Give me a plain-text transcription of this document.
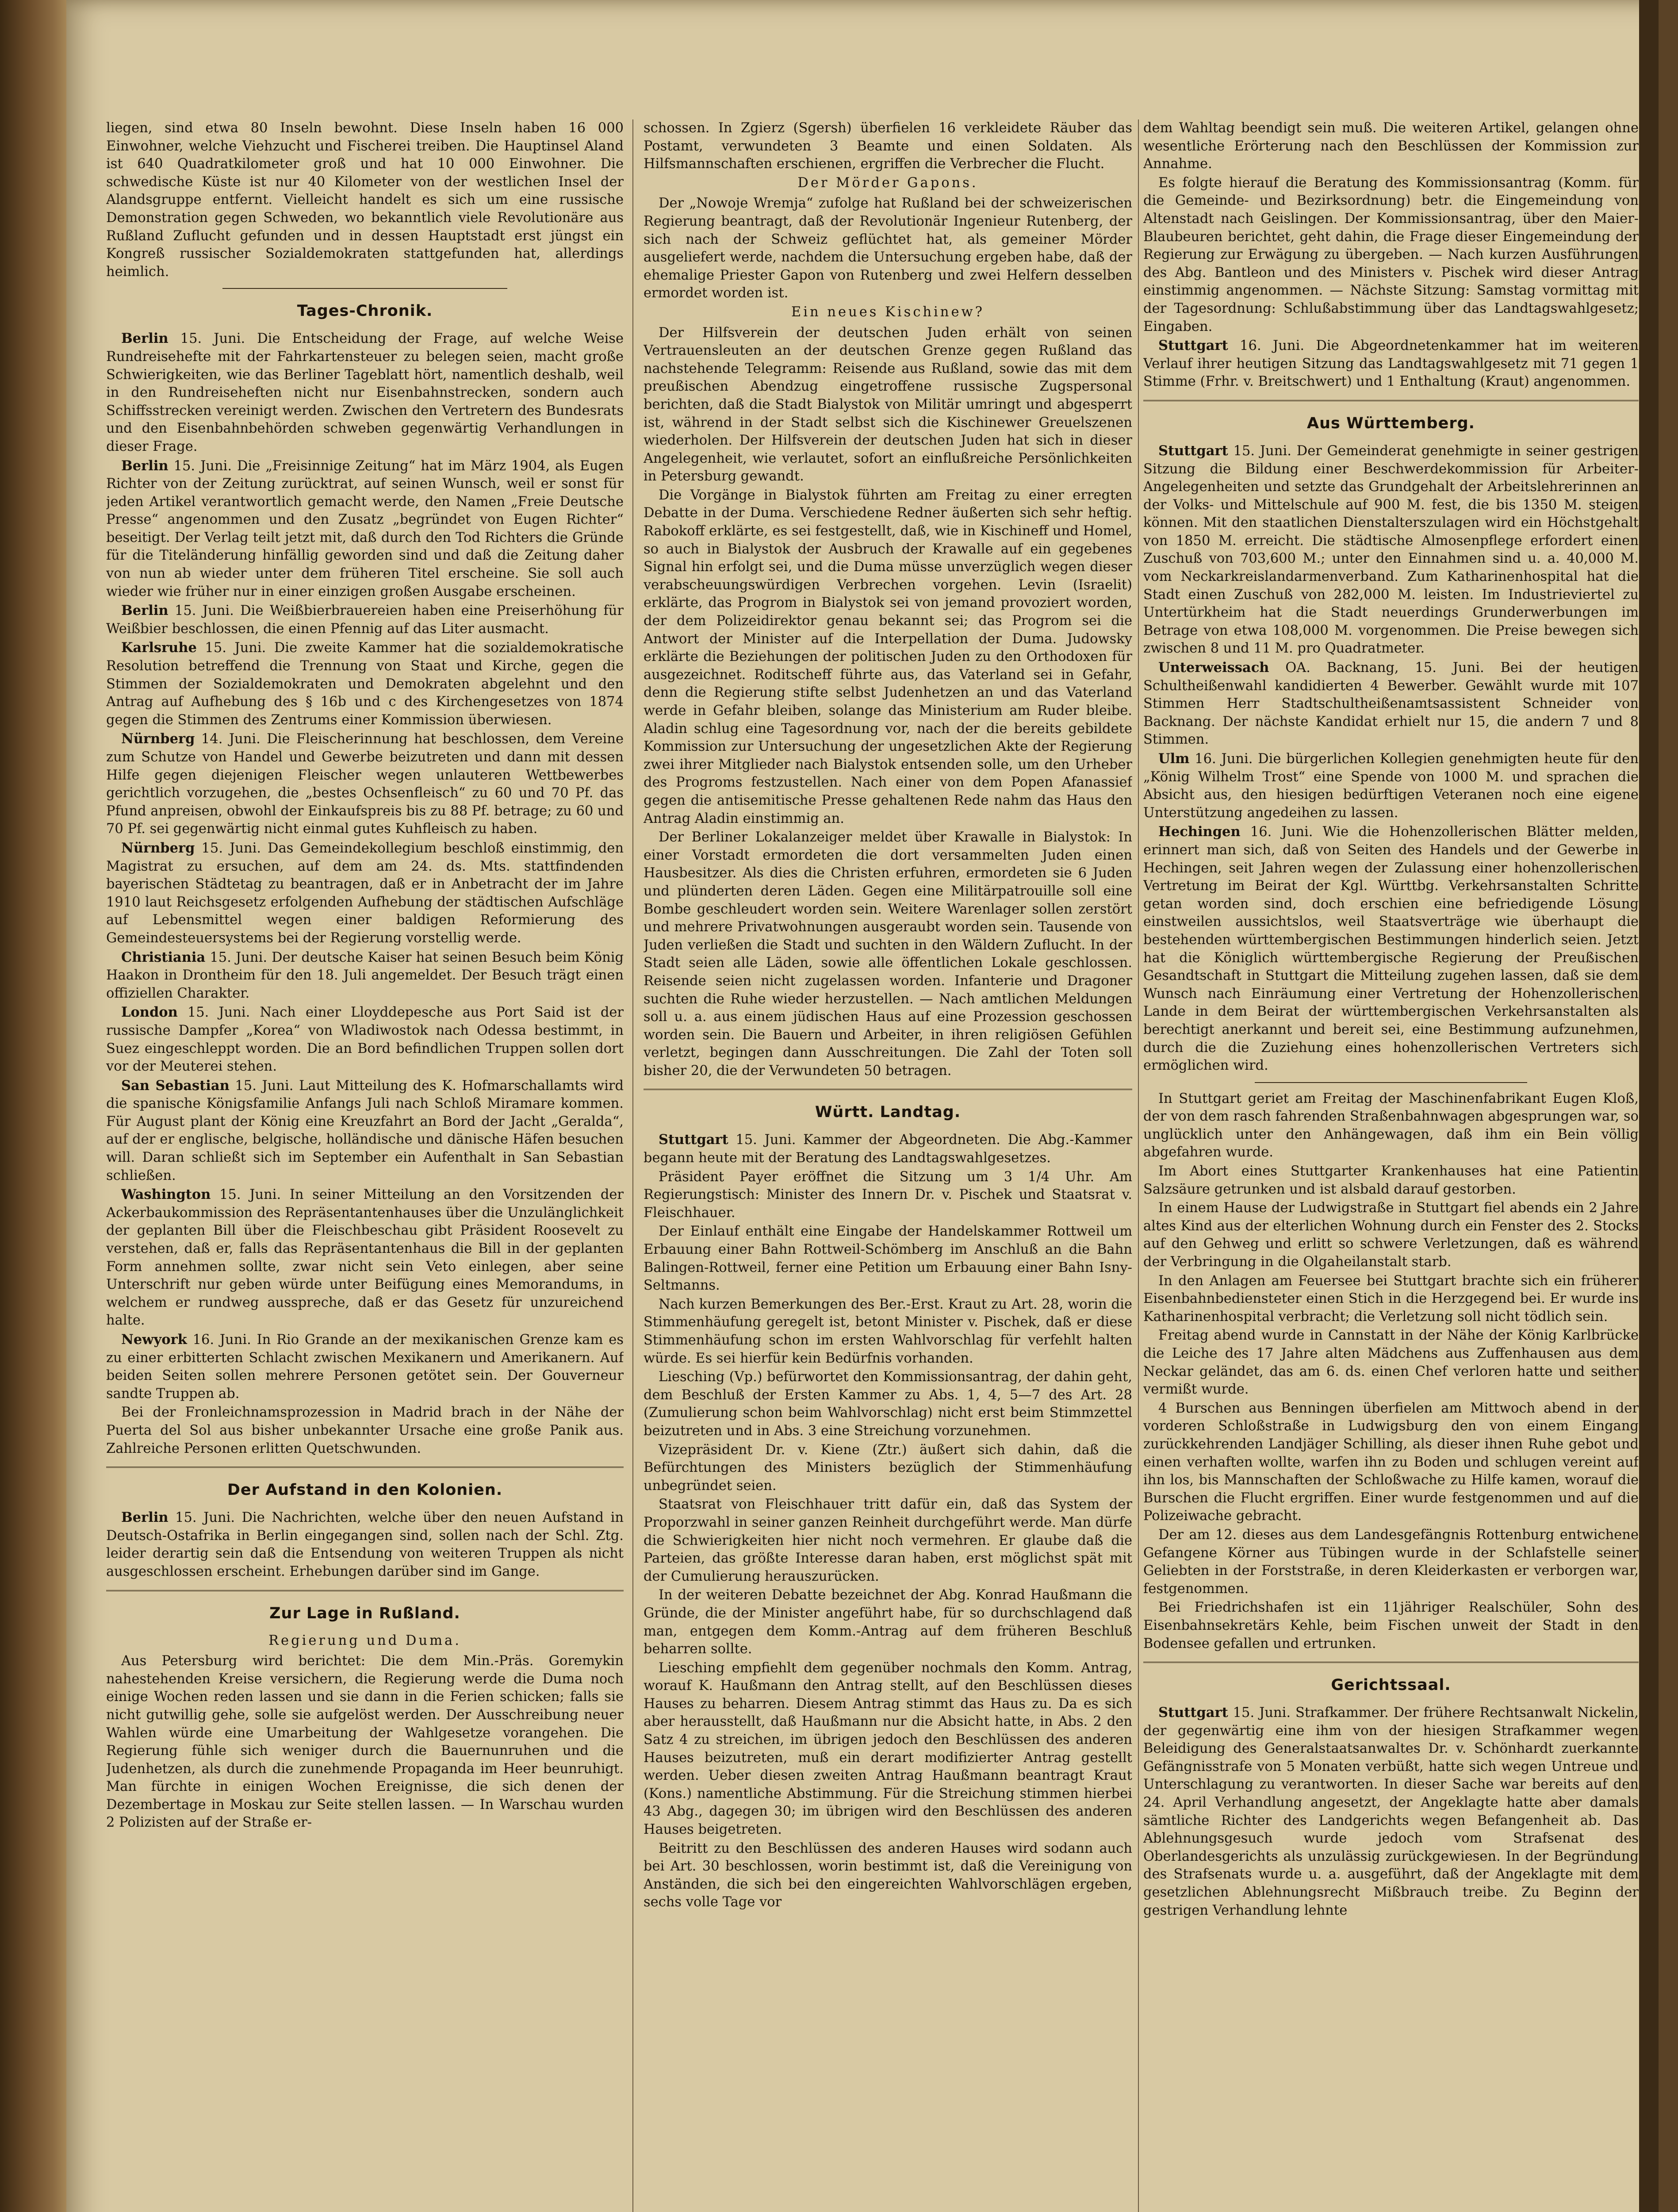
liegen, sind etwa 80 Inseln bewohnt. Diese Inseln haben 16 000 Einwohner, welche Viehzucht und Fischerei treiben. Die Hauptinsel Aland ist 640 Quadratkilometer groß und hat 10 000 Einwohner. Die schwedische Küste ist nur 40 Kilometer von der westlichen Insel der Alandsgruppe entfernt. Vielleicht handelt es sich um eine russische Demonstration gegen Schweden, wo bekanntlich viele Revolutionäre aus Rußland Zuflucht gefunden und in dessen Hauptstadt erst jüngst ein Kongreß russischer Sozialdemokraten stattgefunden hat, allerdings heimlich.

Tages-Chronik.

Berlin 15. Juni. Die Entscheidung der Frage, auf welche Weise Rundreisehefte mit der Fahrkartensteuer zu belegen seien, macht große Schwierigkeiten, wie das Berliner Tageblatt hört, namentlich deshalb, weil in den Rundreiseheften nicht nur Eisenbahnstrecken, sondern auch Schiffsstrecken vereinigt werden. Zwischen den Vertretern des Bundesrats und den Eisenbahnbehörden schweben gegenwärtig Verhandlungen in dieser Frage.

Berlin 15. Juni. Die „Freisinnige Zeitung“ hat im März 1904, als Eugen Richter von der Zeitung zurücktrat, auf seinen Wunsch, weil er sonst für jeden Artikel verantwortlich gemacht werde, den Namen „Freie Deutsche Presse“ angenommen und den Zusatz „begründet von Eugen Richter“ beseitigt. Der Verlag teilt jetzt mit, daß durch den Tod Richters die Gründe für die Titeländerung hinfällig geworden sind und daß die Zeitung daher von nun ab wieder unter dem früheren Titel erscheine. Sie soll auch wieder wie früher nur in einer einzigen großen Ausgabe erscheinen.

Berlin 15. Juni. Die Weißbierbrauereien haben eine Preiserhöhung für Weißbier beschlossen, die einen Pfennig auf das Liter ausmacht.

Karlsruhe 15. Juni. Die zweite Kammer hat die sozialdemokratische Resolution betreffend die Trennung von Staat und Kirche, gegen die Stimmen der Sozialdemokraten und Demokraten abgelehnt und den Antrag auf Aufhebung des § 16b und c des Kirchengesetzes von 1874 gegen die Stimmen des Zentrums einer Kommission überwiesen.

Nürnberg 14. Juni. Die Fleischerinnung hat beschlossen, dem Vereine zum Schutze von Handel und Gewerbe beizutreten und dann mit dessen Hilfe gegen diejenigen Fleischer wegen unlauteren Wettbewerbes gerichtlich vorzugehen, die „bestes Ochsenfleisch“ zu 60 und 70 Pf. das Pfund anpreisen, obwohl der Einkaufspreis bis zu 88 Pf. betrage; zu 60 und 70 Pf. sei gegenwärtig nicht einmal gutes Kuhfleisch zu haben.

Nürnberg 15. Juni. Das Gemeindekollegium beschloß einstimmig, den Magistrat zu ersuchen, auf dem am 24. ds. Mts. stattfindenden bayerischen Städtetag zu beantragen, daß er in Anbetracht der im Jahre 1910 laut Reichsgesetz erfolgenden Aufhebung der städtischen Aufschläge auf Lebensmittel wegen einer baldigen Reformierung des Gemeindesteuersystems bei der Regierung vorstellig werde.

Christiania 15. Juni. Der deutsche Kaiser hat seinen Besuch beim König Haakon in Drontheim für den 18. Juli angemeldet. Der Besuch trägt einen offiziellen Charakter.

London 15. Juni. Nach einer Lloyddepesche aus Port Said ist der russische Dampfer „Korea“ von Wladiwostok nach Odessa bestimmt, in Suez eingeschleppt worden. Die an Bord befindlichen Truppen sollen dort vor der Meuterei stehen.

San Sebastian 15. Juni. Laut Mitteilung des K. Hofmarschallamts wird die spanische Königsfamilie Anfangs Juli nach Schloß Miramare kommen. Für August plant der König eine Kreuzfahrt an Bord der Jacht „Geralda“, auf der er englische, belgische, holländische und dänische Häfen besuchen will. Daran schließt sich im September ein Aufenthalt in San Sebastian schließen.

Washington 15. Juni. In seiner Mitteilung an den Vorsitzenden der Ackerbaukommission des Repräsentantenhauses über die Unzulänglichkeit der geplanten Bill über die Fleischbeschau gibt Präsident Roosevelt zu verstehen, daß er, falls das Repräsentantenhaus die Bill in der geplanten Form annehmen sollte, zwar nicht sein Veto einlegen, aber seine Unterschrift nur geben würde unter Beifügung eines Memorandums, in welchem er rundweg ausspreche, daß er das Gesetz für unzureichend halte.

Newyork 16. Juni. In Rio Grande an der mexikanischen Grenze kam es zu einer erbitterten Schlacht zwischen Mexikanern und Amerikanern. Auf beiden Seiten sollen mehrere Personen getötet sein. Der Gouverneur sandte Truppen ab.

Bei der Fronleichnamsprozession in Madrid brach in der Nähe der Puerta del Sol aus bisher unbekannter Ursache eine große Panik aus. Zahlreiche Personen erlitten Quetschwunden.

Der Aufstand in den Kolonien.

Berlin 15. Juni. Die Nachrichten, welche über den neuen Aufstand in Deutsch-Ostafrika in Berlin eingegangen sind, sollen nach der Schl. Ztg. leider derartig sein daß die Entsendung von weiteren Truppen als nicht ausgeschlossen erscheint. Erhebungen darüber sind im Gange.

Zur Lage in Rußland.
Regierung und Duma.

Aus Petersburg wird berichtet: Die dem Min.-Präs. Goremykin nahestehenden Kreise versichern, die Regierung werde die Duma noch einige Wochen reden lassen und sie dann in die Ferien schicken; falls sie nicht gutwillig gehe, solle sie aufgelöst werden. Der Ausschreibung neuer Wahlen würde eine Umarbeitung der Wahlgesetze vorangehen. Die Regierung fühle sich weniger durch die Bauernunruhen und die Judenhetzen, als durch die zunehmende Propaganda im Heer beunruhigt. Man fürchte in einigen Wochen Ereignisse, die sich denen der Dezembertage in Moskau zur Seite stellen lassen. — In Warschau wurden 2 Polizisten auf der Straße er-

schossen. In Zgierz (Sgersh) überfielen 16 verkleidete Räuber das Postamt, verwundeten 3 Beamte und einen Soldaten. Als Hilfsmannschaften erschienen, ergriffen die Verbrecher die Flucht.

Der Mörder Gapons.

Der „Nowoje Wremja“ zufolge hat Rußland bei der schweizerischen Regierung beantragt, daß der Revolutionär Ingenieur Rutenberg, der sich nach der Schweiz geflüchtet hat, als gemeiner Mörder ausgeliefert werde, nachdem die Untersuchung ergeben habe, daß der ehemalige Priester Gapon von Rutenberg und zwei Helfern desselben ermordet worden ist.

Ein neues Kischinew?

Der Hilfsverein der deutschen Juden erhält von seinen Vertrauensleuten an der deutschen Grenze gegen Rußland das nachstehende Telegramm: Reisende aus Rußland, sowie das mit dem preußischen Abendzug eingetroffene russische Zugspersonal berichten, daß die Stadt Bialystok von Militär umringt und abgesperrt ist, während in der Stadt selbst sich die Kischinewer Greuelszenen wiederholen. Der Hilfsverein der deutschen Juden hat sich in dieser Angelegenheit, wie verlautet, sofort an einflußreiche Persönlichkeiten in Petersburg gewandt.

Die Vorgänge in Bialystok führten am Freitag zu einer erregten Debatte in der Duma. Verschiedene Redner äußerten sich sehr heftig. Rabokoff erklärte, es sei festgestellt, daß, wie in Kischineff und Homel, so auch in Bialystok der Ausbruch der Krawalle auf ein gegebenes Signal hin erfolgt sei, und die Duma müsse unverzüglich wegen dieser verabscheuungswürdigen Verbrechen vorgehen. Levin (Israelit) erklärte, das Progrom in Bialystok sei von jemand provoziert worden, der dem Polizeidirektor genau bekannt sei; das Progrom sei die Antwort der Minister auf die Interpellation der Duma. Judowsky erklärte die Beziehungen der politischen Juden zu den Orthodoxen für ausgezeichnet. Roditscheff führte aus, das Vaterland sei in Gefahr, denn die Regierung stifte selbst Judenhetzen an und das Vaterland werde in Gefahr bleiben, solange das Ministerium am Ruder bleibe. Aladin schlug eine Tagesordnung vor, nach der die bereits gebildete Kommission zur Untersuchung der ungesetzlichen Akte der Regierung zwei ihrer Mitglieder nach Bialystok entsenden solle, um den Urheber des Progroms festzustellen. Nach einer von dem Popen Afanassief gegen die antisemitische Presse gehaltenen Rede nahm das Haus den Antrag Aladin einstimmig an.

Der Berliner Lokalanzeiger meldet über Krawalle in Bialystok: In einer Vorstadt ermordeten die dort versammelten Juden einen Hausbesitzer. Als dies die Christen erfuhren, ermordeten sie 6 Juden und plünderten deren Läden. Gegen eine Militärpatrouille soll eine Bombe geschleudert worden sein. Weitere Warenlager sollen zerstört und mehrere Privatwohnungen ausgeraubt worden sein. Tausende von Juden verließen die Stadt und suchten in den Wäldern Zuflucht. In der Stadt seien alle Läden, sowie alle öffentlichen Lokale geschlossen. Reisende seien nicht zugelassen worden. Infanterie und Dragoner suchten die Ruhe wieder herzustellen. — Nach amtlichen Meldungen soll u. a. aus einem jüdischen Haus auf eine Prozession geschossen worden sein. Die Bauern und Arbeiter, in ihren religiösen Gefühlen verletzt, begingen dann Ausschreitungen. Die Zahl der Toten soll bisher 20, die der Verwundeten 50 betragen.

Württ. Landtag.

Stuttgart 15. Juni. Kammer der Abgeordneten. Die Abg.-Kammer begann heute mit der Beratung des Landtagswahlgesetzes.

Präsident Payer eröffnet die Sitzung um 3 1/4 Uhr. Am Regierungstisch: Minister des Innern Dr. v. Pischek und Staatsrat v. Fleischhauer.

Der Einlauf enthält eine Eingabe der Handelskammer Rottweil um Erbauung einer Bahn Rottweil-Schömberg im Anschluß an die Bahn Balingen-Rottweil, ferner eine Petition um Erbauung einer Bahn Isny-Seltmanns.

Nach kurzen Bemerkungen des Ber.-Erst. Kraut zu Art. 28, worin die Stimmenhäufung geregelt ist, betont Minister v. Pischek, daß er diese Stimmenhäufung schon im ersten Wahlvorschlag für verfehlt halten würde. Es sei hierfür kein Bedürfnis vorhanden.

Liesching (Vp.) befürwortet den Kommissionsantrag, der dahin geht, dem Beschluß der Ersten Kammer zu Abs. 1, 4, 5—7 des Art. 28 (Zumulierung schon beim Wahlvorschlag) nicht erst beim Stimmzettel beizutreten und in Abs. 3 eine Streichung vorzunehmen.

Vizepräsident Dr. v. Kiene (Ztr.) äußert sich dahin, daß die Befürchtungen des Ministers bezüglich der Stimmenhäufung unbegründet seien.

Staatsrat von Fleischhauer tritt dafür ein, daß das System der Proporzwahl in seiner ganzen Reinheit durchgeführt werde. Man dürfe die Schwierigkeiten hier nicht noch vermehren. Er glaube daß die Parteien, das größte Interesse daran haben, erst möglichst spät mit der Cumulierung herauszurücken.

In der weiteren Debatte bezeichnet der Abg. Konrad Haußmann die Gründe, die der Minister angeführt habe, für so durchschlagend daß man, entgegen dem Komm.-Antrag auf dem früheren Beschluß beharren sollte.

Liesching empfiehlt dem gegenüber nochmals den Komm. Antrag, worauf K. Haußmann den Antrag stellt, auf den Beschlüssen dieses Hauses zu beharren. Diesem Antrag stimmt das Haus zu. Da es sich aber herausstellt, daß Haußmann nur die Absicht hatte, in Abs. 2 den Satz 4 zu streichen, im übrigen jedoch den Beschlüssen des anderen Hauses beizutreten, muß ein derart modifizierter Antrag gestellt werden. Ueber diesen zweiten Antrag Haußmann beantragt Kraut (Kons.) namentliche Abstimmung. Für die Streichung stimmen hierbei 43 Abg., dagegen 30; im übrigen wird den Beschlüssen des anderen Hauses beigetreten.

Beitritt zu den Beschlüssen des anderen Hauses wird sodann auch bei Art. 30 beschlossen, worin bestimmt ist, daß die Vereinigung von Anständen, die sich bei den eingereichten Wahlvorschlägen ergeben, sechs volle Tage vor

dem Wahltag beendigt sein muß. Die weiteren Artikel, gelangen ohne wesentliche Erörterung nach den Beschlüssen der Kommission zur Annahme.

Es folgte hierauf die Beratung des Kommissionsantrag (Komm. für die Gemeinde- und Bezirksordnung) betr. die Eingemeindung von Altenstadt nach Geislingen. Der Kommissionsantrag, über den Maier-Blaubeuren berichtet, geht dahin, die Frage dieser Eingemeindung der Regierung zur Erwägung zu übergeben. — Nach kurzen Ausführungen des Abg. Bantleon und des Ministers v. Pischek wird dieser Antrag einstimmig angenommen. — Nächste Sitzung: Samstag vormittag mit der Tagesordnung: Schlußabstimmung über das Landtagswahlgesetz; Eingaben.

Stuttgart 16. Juni. Die Abgeordnetenkammer hat im weiteren Verlauf ihrer heutigen Sitzung das Landtagswahlgesetz mit 71 gegen 1 Stimme (Frhr. v. Breitschwert) und 1 Enthaltung (Kraut) angenommen.

Aus Württemberg.

Stuttgart 15. Juni. Der Gemeinderat genehmigte in seiner gestrigen Sitzung die Bildung einer Beschwerdekommission für Arbeiter-Angelegenheiten und setzte das Grundgehalt der Arbeitslehrerinnen an der Volks- und Mittelschule auf 900 M. fest, die bis 1350 M. steigen können. Mit den staatlichen Dienstalterszulagen wird ein Höchstgehalt von 1850 M. erreicht. Die städtische Almosenpflege erfordert einen Zuschuß von 703,600 M.; unter den Einnahmen sind u. a. 40,000 M. vom Neckarkreislandarmenverband. Zum Katharinenhospital hat die Stadt einen Zuschuß von 282,000 M. leisten. Im Industrieviertel zu Untertürkheim hat die Stadt neuerdings Grunderwerbungen im Betrage von etwa 108,000 M. vorgenommen. Die Preise bewegen sich zwischen 8 und 11 M. pro Quadratmeter.

Unterweissach OA. Backnang, 15. Juni. Bei der heutigen Schultheißenwahl kandidierten 4 Bewerber. Gewählt wurde mit 107 Stimmen Herr Stadtschultheißenamtsassistent Schneider von Backnang. Der nächste Kandidat erhielt nur 15, die andern 7 und 8 Stimmen.

Ulm 16. Juni. Die bürgerlichen Kollegien genehmigten heute für den „König Wilhelm Trost“ eine Spende von 1000 M. und sprachen die Absicht aus, den hiesigen bedürftigen Veteranen noch eine eigene Unterstützung angedeihen zu lassen.

Hechingen 16. Juni. Wie die Hohenzollerischen Blätter melden, erinnert man sich, daß von Seiten des Handels und der Gewerbe in Hechingen, seit Jahren wegen der Zulassung einer hohenzollerischen Vertretung im Beirat der Kgl. Württbg. Verkehrsanstalten Schritte getan worden sind, doch erschien eine befriedigende Lösung einstweilen aussichtslos, weil Staatsverträge wie überhaupt die bestehenden württembergischen Bestimmungen hinderlich seien. Jetzt hat die Königlich württembergische Regierung der Preußischen Gesandtschaft in Stuttgart die Mitteilung zugehen lassen, daß sie dem Wunsch nach Einräumung einer Vertretung der Hohenzollerischen Lande in dem Beirat der württembergischen Verkehrsanstalten als berechtigt anerkannt und bereit sei, eine Bestimmung aufzunehmen, durch die die Zuziehung eines hohenzollerischen Vertreters sich ermöglichen wird.

In Stuttgart geriet am Freitag der Maschinenfabrikant Eugen Kloß, der von dem rasch fahrenden Straßenbahnwagen abgesprungen war, so unglücklich unter den Anhängewagen, daß ihm ein Bein völlig abgefahren wurde.

Im Abort eines Stuttgarter Krankenhauses hat eine Patientin Salzsäure getrunken und ist alsbald darauf gestorben.

In einem Hause der Ludwigstraße in Stuttgart fiel abends ein 2 Jahre altes Kind aus der elterlichen Wohnung durch ein Fenster des 2. Stocks auf den Gehweg und erlitt so schwere Verletzungen, daß es während der Verbringung in die Olgaheilanstalt starb.

In den Anlagen am Feuersee bei Stuttgart brachte sich ein früherer Eisenbahnbediensteter einen Stich in die Herzgegend bei. Er wurde ins Katharinenhospital verbracht; die Verletzung soll nicht tödlich sein.

Freitag abend wurde in Cannstatt in der Nähe der König Karlbrücke die Leiche des 17 Jahre alten Mädchens aus Zuffenhausen aus dem Neckar geländet, das am 6. ds. einen Chef verloren hatte und seither vermißt wurde.

4 Burschen aus Benningen überfielen am Mittwoch abend in der vorderen Schloßstraße in Ludwigsburg den von einem Eingang zurückkehrenden Landjäger Schilling, als dieser ihnen Ruhe gebot und einen verhaften wollte, warfen ihn zu Boden und schlugen vereint auf ihn los, bis Mannschaften der Schloßwache zu Hilfe kamen, worauf die Burschen die Flucht ergriffen. Einer wurde festgenommen und auf die Polizeiwache gebracht.

Der am 12. dieses aus dem Landesgefängnis Rottenburg entwichene Gefangene Körner aus Tübingen wurde in der Schlafstelle seiner Geliebten in der Forststraße, in deren Kleiderkasten er verborgen war, festgenommen.

Bei Friedrichshafen ist ein 11jähriger Realschüler, Sohn des Eisenbahnsekretärs Kehle, beim Fischen unweit der Stadt in den Bodensee gefallen und ertrunken.

Gerichtssaal.

Stuttgart 15. Juni. Strafkammer. Der frühere Rechtsanwalt Nickelin, der gegenwärtig eine ihm von der hiesigen Strafkammer wegen Beleidigung des Generalstaatsanwaltes Dr. v. Schönhardt zuerkannte Gefängnisstrafe von 5 Monaten verbüßt, hatte sich wegen Untreue und Unterschlagung zu verantworten. In dieser Sache war bereits auf den 24. April Verhandlung angesetzt, der Angeklagte hatte aber damals sämtliche Richter des Landgerichts wegen Befangenheit ab. Das Ablehnungsgesuch wurde jedoch vom Strafsenat des Oberlandesgerichts als unzulässig zurückgewiesen. In der Begründung des Strafsenats wurde u. a. ausgeführt, daß der Angeklagte mit dem gesetzlichen Ablehnungsrecht Mißbrauch treibe. Zu Beginn der gestrigen Verhandlung lehnte
